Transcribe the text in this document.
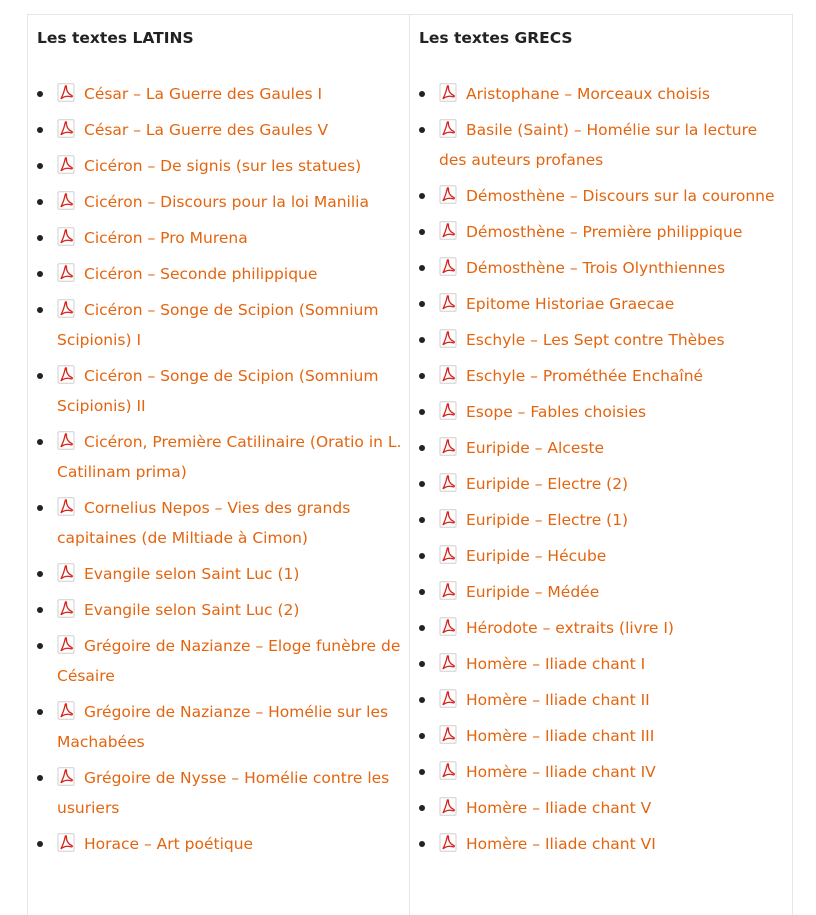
Les textes LATINS
César – La Guerre des Gaules I
César – La Guerre des Gaules V
Cicéron – De signis (sur les statues)
Cicéron – Discours pour la loi Manilia
Cicéron – Pro Murena
Cicéron – Seconde philippique
Cicéron – Songe de Scipion (Somnium Scipionis) I
Cicéron – Songe de Scipion (Somnium Scipionis) II
Cicéron, Première Catilinaire (Oratio in L. Catilinam prima)
Cornelius Nepos – Vies des grands capitaines (de Miltiade à Cimon)
Evangile selon Saint Luc (1)
Evangile selon Saint Luc (2)
Grégoire de Nazianze – Eloge funèbre de Césaire
Grégoire de Nazianze – Homélie sur les Machabées
Grégoire de Nysse – Homélie contre les usuriers
Horace – Art poétique
Les textes GRECS
Aristophane – Morceaux choisis
Basile (Saint) – Homélie sur la lecture des auteurs profanes
Démosthène – Discours sur la couronne
Démosthène – Première philippique
Démosthène – Trois Olynthiennes
Epitome Historiae Graecae
Eschyle – Les Sept contre Thèbes
Eschyle – Prométhée Enchaîné
Esope – Fables choisies
Euripide – Alceste
Euripide – Electre (2)
Euripide – Electre (1)
Euripide – Hécube
Euripide – Médée
Hérodote – extraits (livre I)
Homère – Iliade chant I
Homère – Iliade chant II
Homère – Iliade chant III
Homère – Iliade chant IV
Homère – Iliade chant V
Homère – Iliade chant VI
